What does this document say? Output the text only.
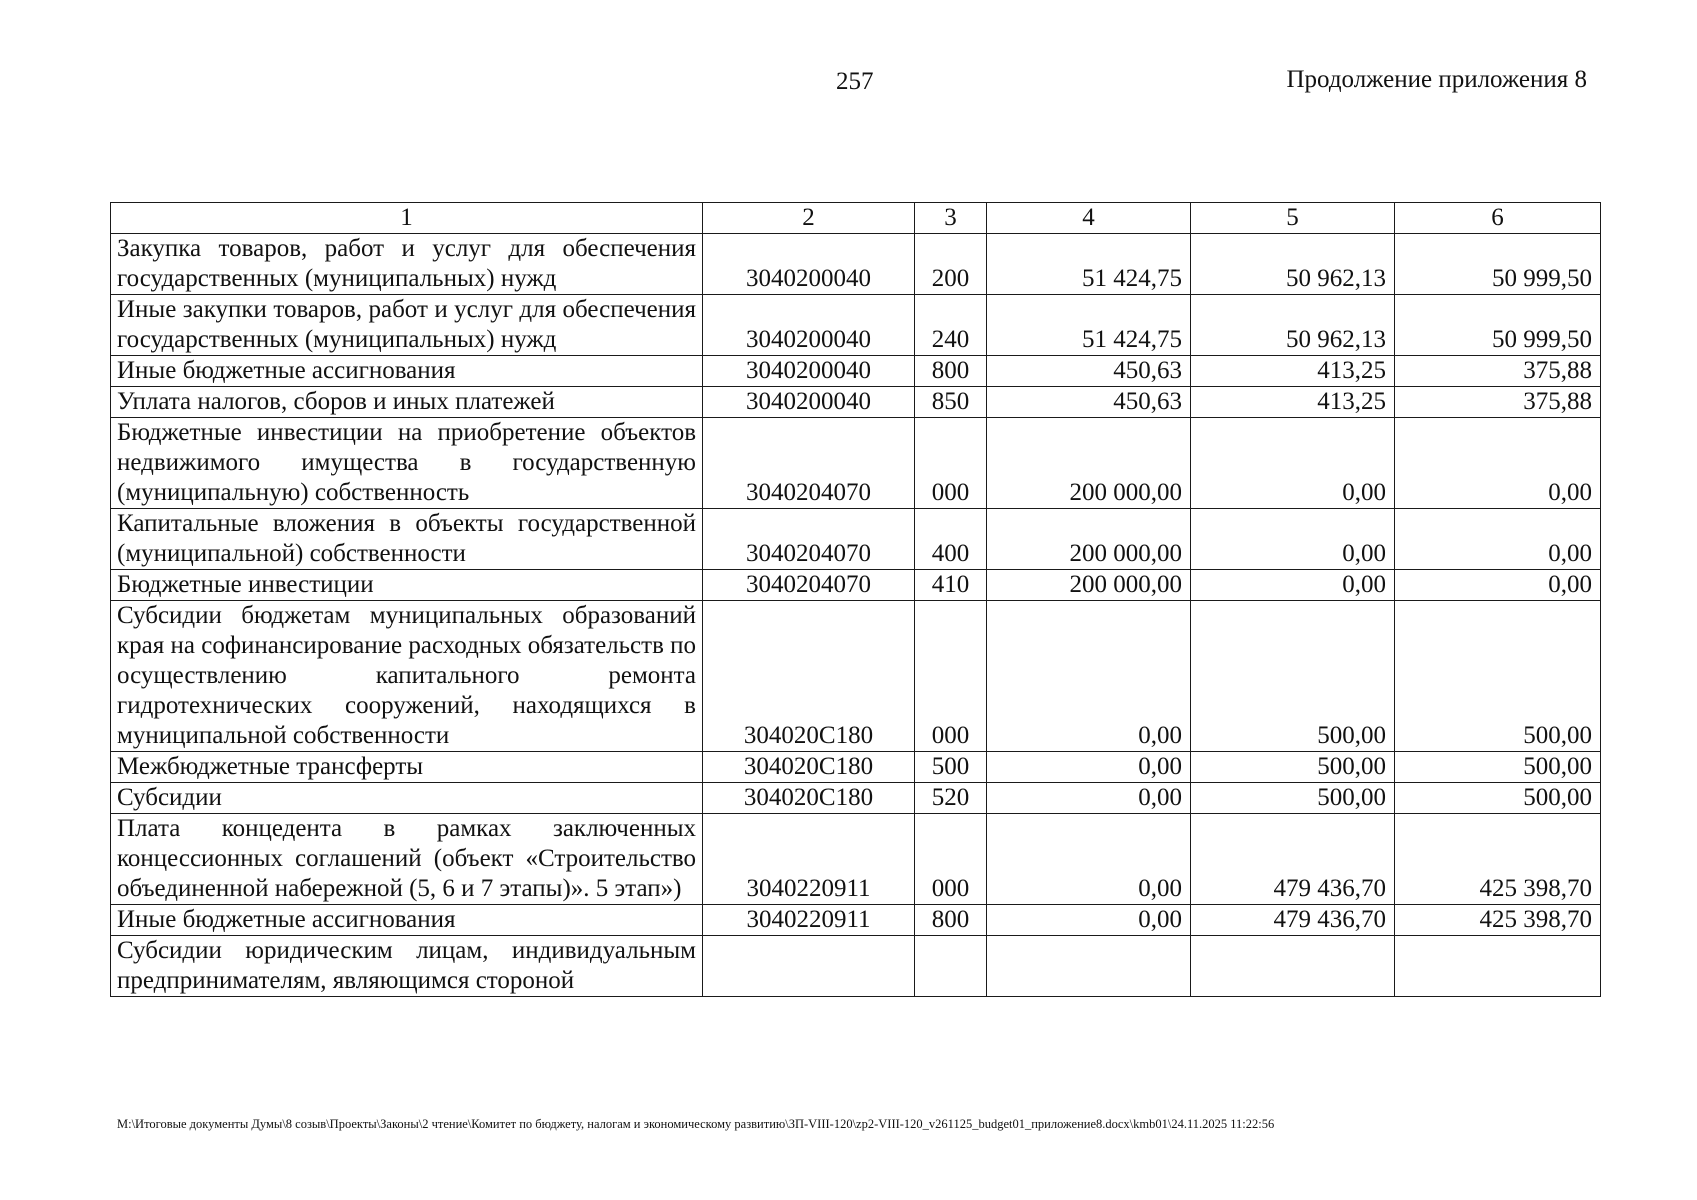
257	Продолжение приложения 8
1	2	3	4	5	6
Закупка товаров, работ и услуг для обеспечения государственных (муниципальных) нужд	3040200040	200	51 424,75	50 962,13	50 999,50
Иные закупки товаров, работ и услуг для обеспечения государственных (муниципальных) нужд	3040200040	240	51 424,75	50 962,13	50 999,50
Иные бюджетные ассигнования	3040200040	800	450,63	413,25	375,88
Уплата налогов, сборов и иных платежей	3040200040	850	450,63	413,25	375,88
Бюджетные инвестиции на приобретение объектов недвижимого имущества в государственную (муниципальную) собственность	3040204070	000	200 000,00	0,00	0,00
Капитальные вложения в объекты государственной (муниципальной) собственности	3040204070	400	200 000,00	0,00	0,00
Бюджетные инвестиции	3040204070	410	200 000,00	0,00	0,00
Субсидии бюджетам муниципальных образований края на софинансирование расходных обязательств по осуществлению капитального ремонта гидротехнических сооружений, находящихся в муниципальной собственности	304020С180	000	0,00	500,00	500,00
Межбюджетные трансферты	304020С180	500	0,00	500,00	500,00
Субсидии	304020С180	520	0,00	500,00	500,00
Плата концедента в рамках заключенных концессионных соглашений (объект «Строительство объединенной набережной (5, 6 и 7 этапы)». 5 этап»)	3040220911	000	0,00	479 436,70	425 398,70
Иные бюджетные ассигнования	3040220911	800	0,00	479 436,70	425 398,70
Субсидии юридическим лицам, индивидуальным предпринимателям, являющимся стороной					
M:\Итоговые документы Думы\8 созыв\Проекты\Законы\2 чтение\Комитет по бюджету, налогам и экономическому развитию\ЗП-VIII-120\zp2-VIII-120_v261125_budget01_приложение8.docx\kmb01\24.11.2025 11:22:56
